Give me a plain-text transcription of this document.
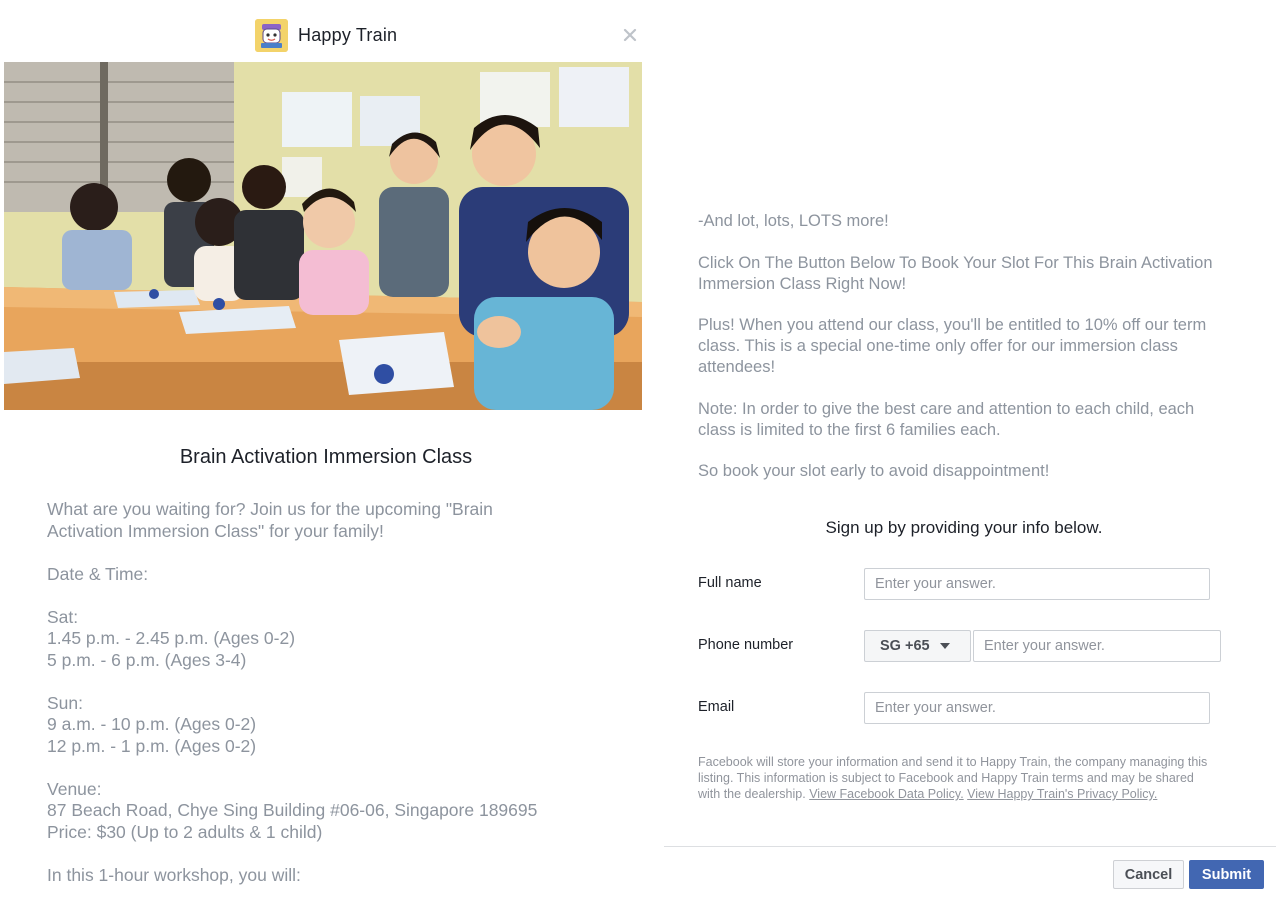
Happy Train
Brain Activation Immersion Class

What are you waiting for? Join us for the upcoming "Brain
Activation Immersion Class" for your family!

Date & Time:

Sat:
1.45 p.m. - 2.45 p.m. (Ages 0-2)
5 p.m. - 6 p.m. (Ages 3-4)

Sun:
9 a.m. - 10 p.m. (Ages 0-2)
12 p.m. - 1 p.m. (Ages 0-2)

Venue:
87 Beach Road, Chye Sing Building #06-06, Singapore 189695
Price: $30 (Up to 2 adults & 1 child)

In this 1-hour workshop, you will:

-And lot, lots, LOTS more!

Click On The Button Below To Book Your Slot For This Brain Activation Immersion Class Right Now!

Plus! When you attend our class, you'll be entitled to 10% off our term class. This is a special one-time only offer for our immersion class attendees!

Note: In order to give the best care and attention to each child, each class is limited to the first 6 families each.

So book your slot early to avoid disappointment!

Sign up by providing your info below.
Full name
Enter your answer.
Phone number	SG +65
Enter your answer.
Email
Enter your answer.
Facebook will store your information and send it to Happy Train, the company managing this listing. This information is subject to Facebook and Happy Train terms and may be shared with the dealership. View Facebook Data Policy. View Happy Train's Privacy Policy.
Cancel	Submit
